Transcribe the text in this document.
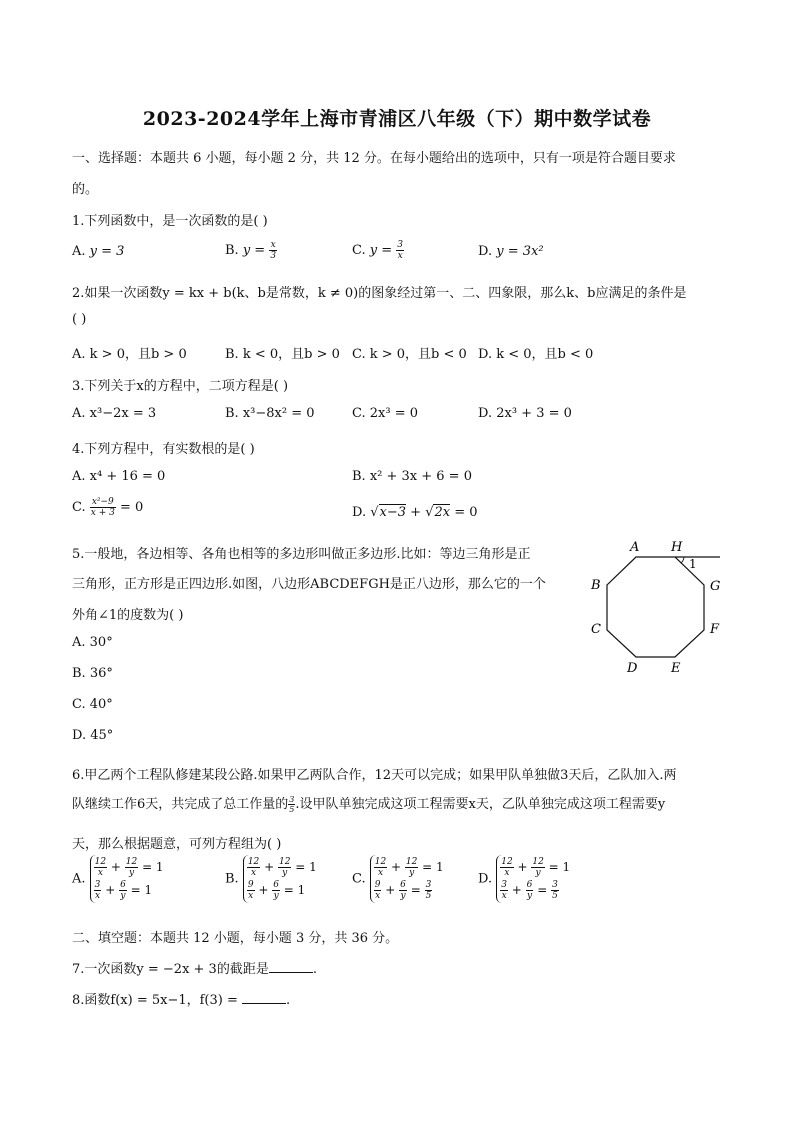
2023-2024学年上海市青浦区八年级（下）期中数学试卷
一、选择题：本题共 6 小题，每小题 2 分，共 12 分。在每小题给出的选项中，只有一项是符合题目要求
的。
1.下列函数中，是一次函数的是( )
A. y = 3	B. $y = \frac{x}{3}$	C. $y = \frac{3}{x}$	D. y = 3x²
2.如果一次函数y = kx + b(k、b是常数，k ≠ 0)的图象经过第一、二、四象限，那么k、b应满足的条件是
( )
A. k > 0，且b > 0	B. k < 0，且b > 0 C. k > 0，且b < 0 D. k < 0，且b < 0
3.下列关于x的方程中，二项方程是( )
A. x³−2x = 3	B. x³−8x² = 0	C. 2x³ = 0	D. 2x³ + 3 = 0
4.下列方程中，有实数根的是( )
A. x⁴ + 16 = 0	B. x² + 3x + 6 = 0
C. $\frac{\text{x²−9}}{x + 3} = 0$	D. √x−3 + √2x = 0
5.一般地，各边相等、各角也相等的多边形叫做正多边形.比如：等边三角形是正
三角形，正方形是正四边形.如图，八边形ABCDEFGH是正八边形，那么它的一个
外角∠1的度数为( )
A. 30°
B. 36°
C. 40°
D. 45°
A H
1
B	G
C	F
D	E
6.甲乙两个工程队修建某段公路.如果甲乙两队合作，12天可以完成；如果甲队单独做3天后，乙队加入.两
队继续工作6天，共完成了总工作量的 $\frac{3}{5}$ .设甲队单独完成这项工程需要x天，乙队单独完成这项工程需要y
天，那么根据题意，可列方程组为( )
A.
$\frac{12}{x} + \frac{12}{y} = 1$
$\frac{3}{x} + \frac{6}{y} = 1$
B.
$\frac{12}{x} + \frac{12}{y} = 1$
$\frac{9}{x} + \frac{6}{y} = 1$
C.
$\frac{12}{x} + \frac{12}{y} = 1$
$\frac{9}{x} + \frac{6}{y} = \frac{3}{5}$
D.
$\frac{12}{x} + \frac{12}{y} = 1$
$\frac{3}{x} + \frac{6}{y} = \frac{3}{5}$
二、填空题：本题共 12 小题，每小题 3 分，共 36 分。
7.一次函数y = −2x + 3的截距是	.
8.函数f(x) = 5x−1，f(3) =	.
